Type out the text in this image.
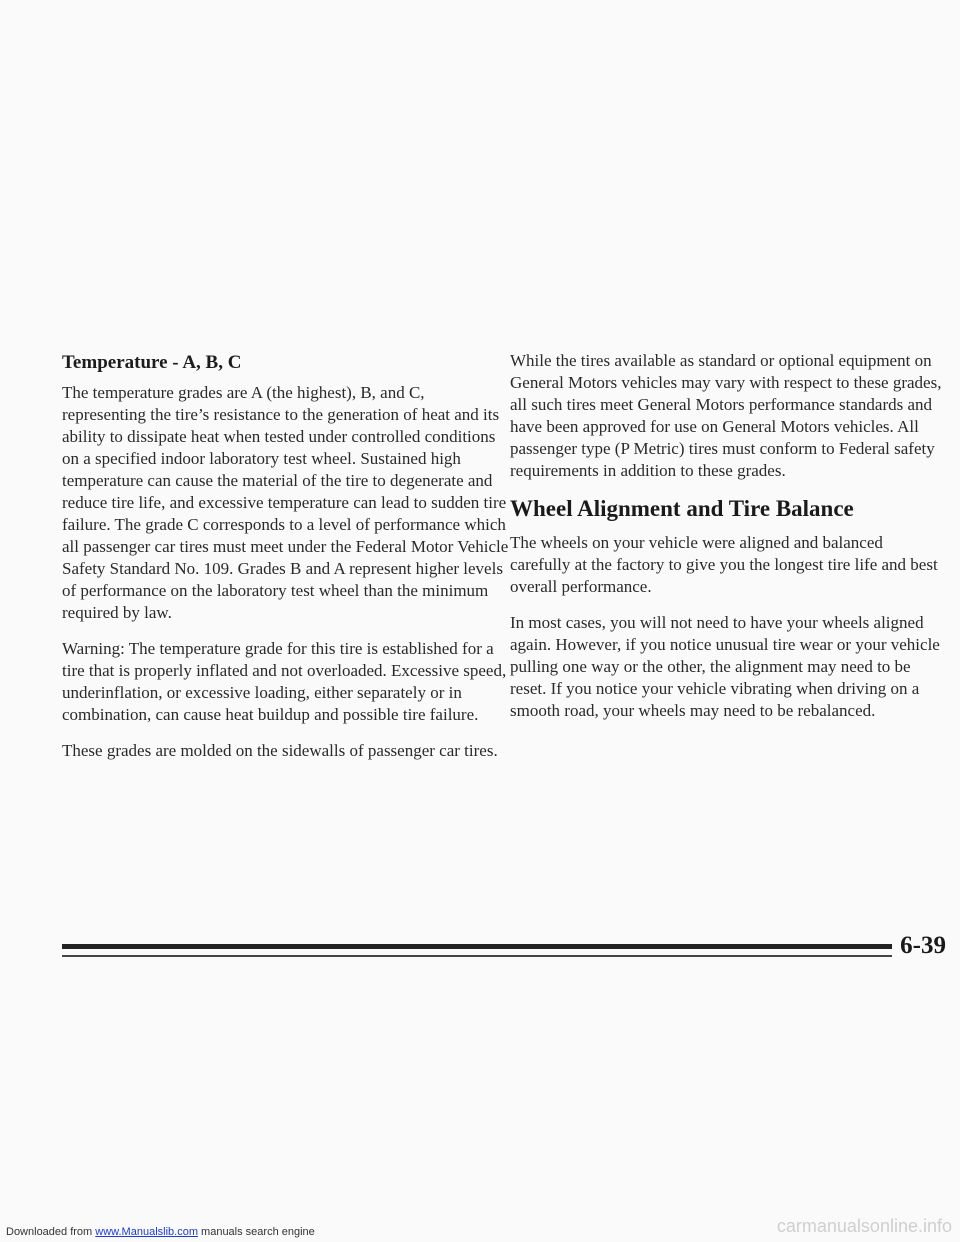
Temperature - A, B, C

The temperature grades are A (the highest), B, and C, representing the tire’s resistance to the generation of heat and its ability to dissipate heat when tested under controlled conditions on a specified indoor laboratory test wheel. Sustained high temperature can cause the material of the tire to degenerate and reduce tire life, and excessive temperature can lead to sudden tire failure. The grade C corresponds to a level of performance which all passenger car tires must meet under the Federal Motor Vehicle Safety Standard No. 109. Grades B and A represent higher levels of performance on the laboratory test wheel than the minimum required by law.

Warning: The temperature grade for this tire is established for a tire that is properly inflated and not overloaded. Excessive speed, underinflation, or excessive loading, either separately or in combination, can cause heat buildup and possible tire failure.

These grades are molded on the sidewalls of passenger car tires.

While the tires available as standard or optional equipment on General Motors vehicles may vary with respect to these grades, all such tires meet General Motors performance standards and have been approved for use on General Motors vehicles. All passenger type (P Metric) tires must conform to Federal safety requirements in addition to these grades.

Wheel Alignment and Tire Balance

The wheels on your vehicle were aligned and balanced carefully at the factory to give you the longest tire life and best overall performance.

In most cases, you will not need to have your wheels aligned again. However, if you notice unusual tire wear or your vehicle pulling one way or the other, the alignment may need to be reset. If you notice your vehicle vibrating when driving on a smooth road, your wheels may need to be rebalanced.

6-39
Downloaded from www.Manualslib.com manuals search engine	carmanualsonline.info
